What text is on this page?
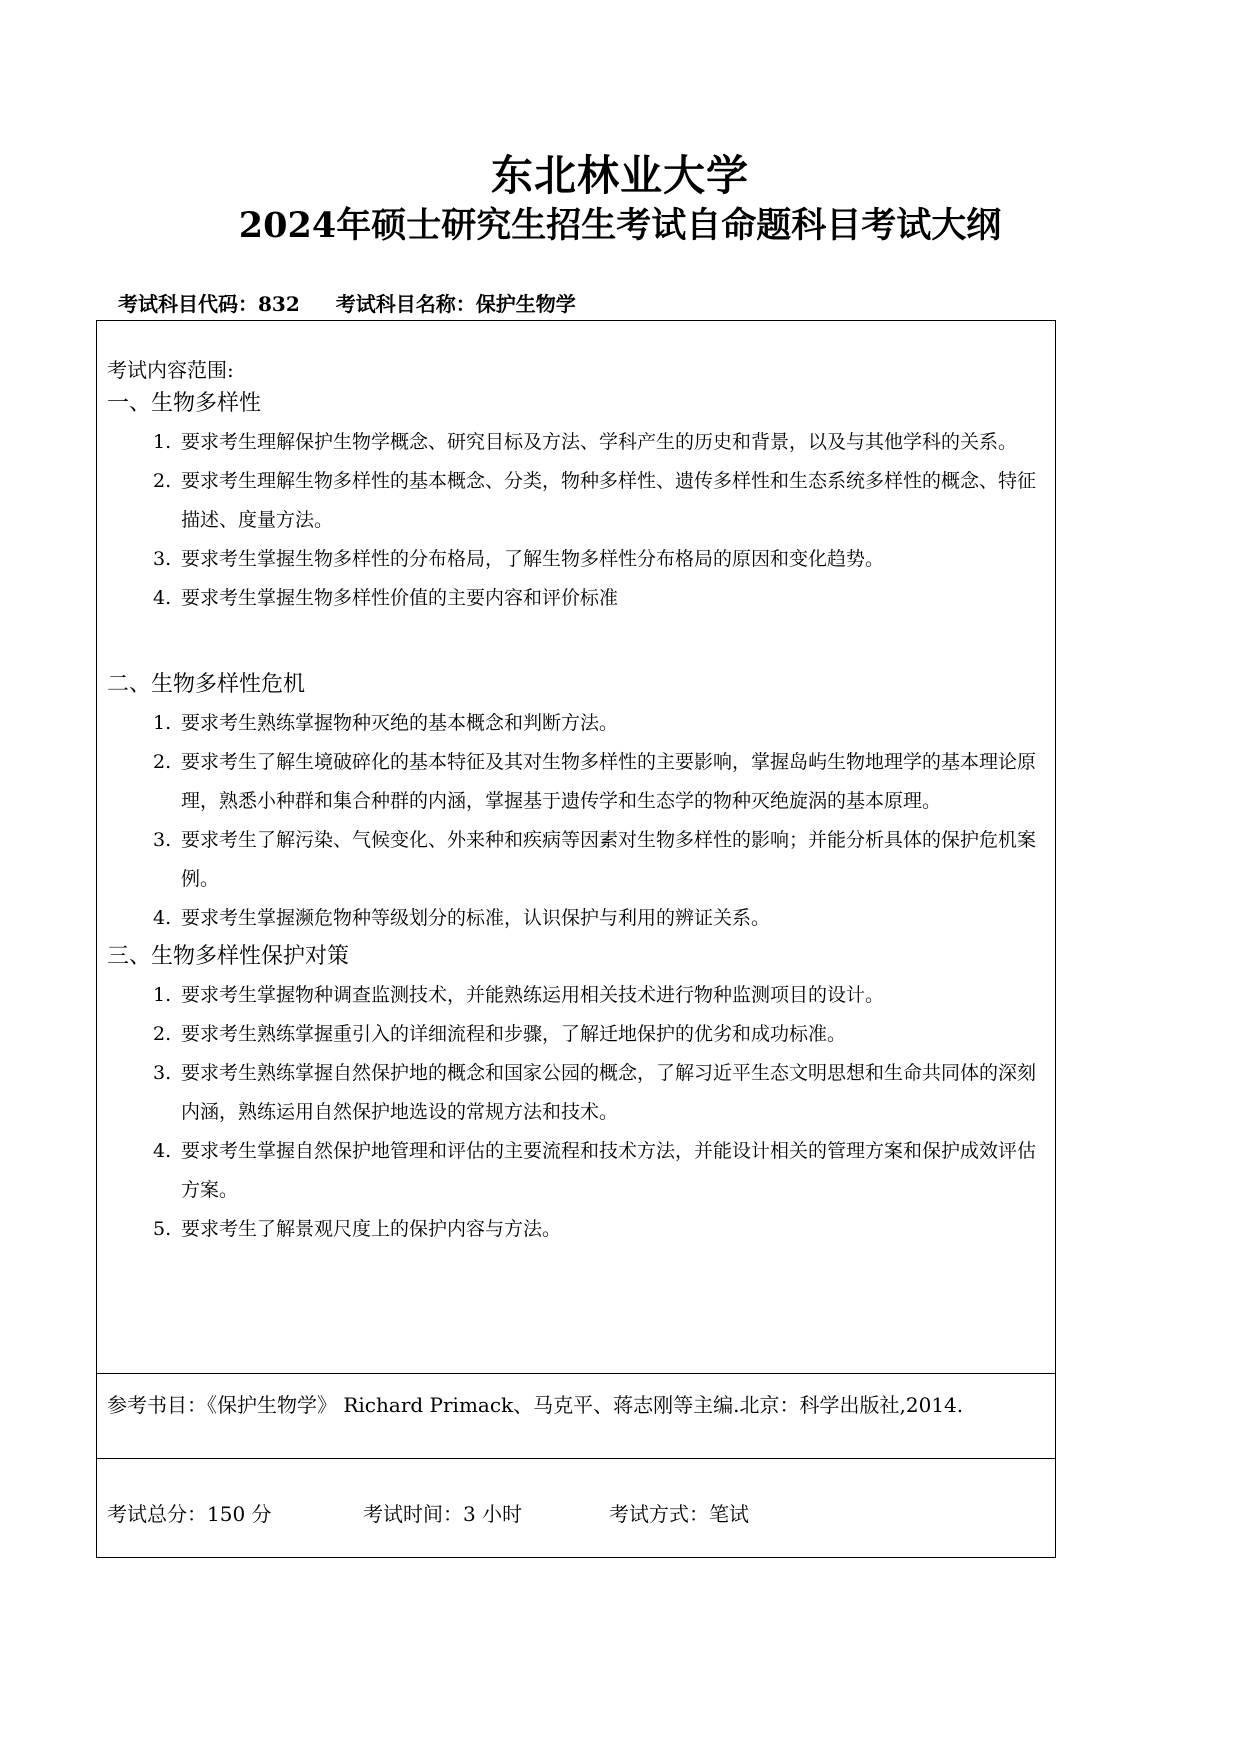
东北林业大学
2024年硕士研究生招生考试自命题科目考试大纲
考试科目代码：832 考试科目名称：保护生物学

考试内容范围:

一、生物多样性

1. 要求考生理解保护生物学概念、研究目标及方法、学科产生的历史和背景，以及与其他学科的关系。
2. 要求考生理解生物多样性的基本概念、分类，物种多样性、遗传多样性和生态系统多样性的概念、特征描述、度量方法。
3. 要求考生掌握生物多样性的分布格局，了解生物多样性分布格局的原因和变化趋势。
4. 要求考生掌握生物多样性价值的主要内容和评价标准

二、生物多样性危机

1. 要求考生熟练掌握物种灭绝的基本概念和判断方法。
2. 要求考生了解生境破碎化的基本特征及其对生物多样性的主要影响，掌握岛屿生物地理学的基本理论原理，熟悉小种群和集合种群的内涵，掌握基于遗传学和生态学的物种灭绝旋涡的基本原理。
3. 要求考生了解污染、气候变化、外来种和疾病等因素对生物多样性的影响；并能分析具体的保护危机案例。
4. 要求考生掌握濒危物种等级划分的标准，认识保护与利用的辨证关系。

三、生物多样性保护对策

1. 要求考生掌握物种调查监测技术，并能熟练运用相关技术进行物种监测项目的设计。
2. 要求考生熟练掌握重引入的详细流程和步骤，了解迁地保护的优劣和成功标准。
3. 要求考生熟练掌握自然保护地的概念和国家公园的概念，了解习近平生态文明思想和生命共同体的深刻内涵，熟练运用自然保护地选设的常规方法和技术。
4. 要求考生掌握自然保护地管理和评估的主要流程和技术方法，并能设计相关的管理方案和保护成效评估方案。
5. 要求考生了解景观尺度上的保护内容与方法。
参考书目：《保护生物学》 Richard Primack、马克平、蒋志刚等主编.北京：科学出版社,2014.
考试总分：150 分	考试时间：3 小时	考试方式：笔试
